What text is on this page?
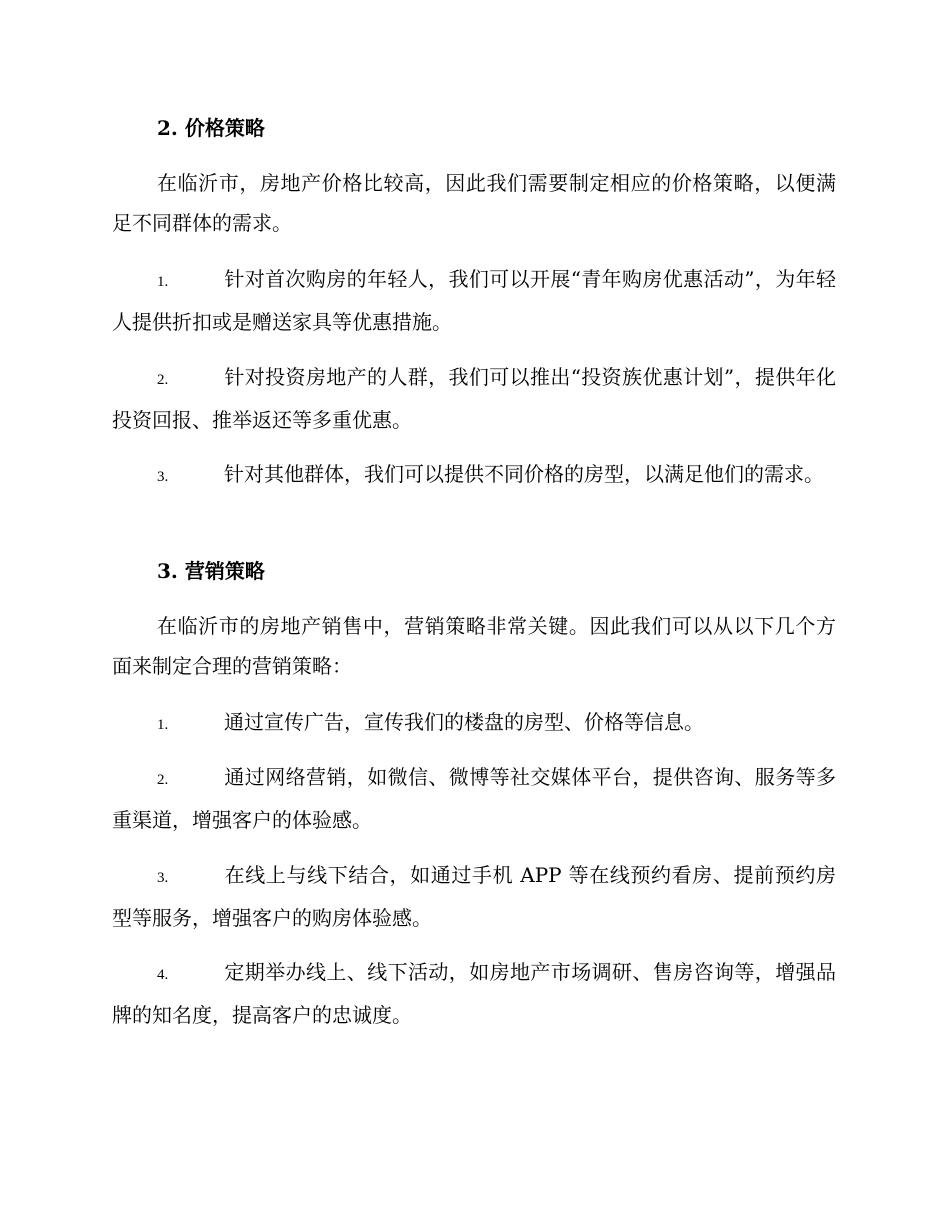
2. 价格策略
在临沂市，房地产价格比较高，因此我们需要制定相应的价格策略，以便满足不同群体的需求。
1.	针对首次购房的年轻人，我们可以开展“青年购房优惠活动”，为年轻人提供折扣或是赠送家具等优惠措施。
2.	针对投资房地产的人群，我们可以推出“投资族优惠计划”，提供年化投资回报、推举返还等多重优惠。
3.	针对其他群体，我们可以提供不同价格的房型，以满足他们的需求。
3. 营销策略
在临沂市的房地产销售中，营销策略非常关键。因此我们可以从以下几个方面来制定合理的营销策略：
1.	通过宣传广告，宣传我们的楼盘的房型、价格等信息。
2.	通过网络营销，如微信、微博等社交媒体平台，提供咨询、服务等多重渠道，增强客户的体验感。
3.	在线上与线下结合，如通过手机 APP 等在线预约看房、提前预约房型等服务，增强客户的购房体验感。
4.	定期举办线上、线下活动，如房地产市场调研、售房咨询等，增强品牌的知名度，提高客户的忠诚度。
